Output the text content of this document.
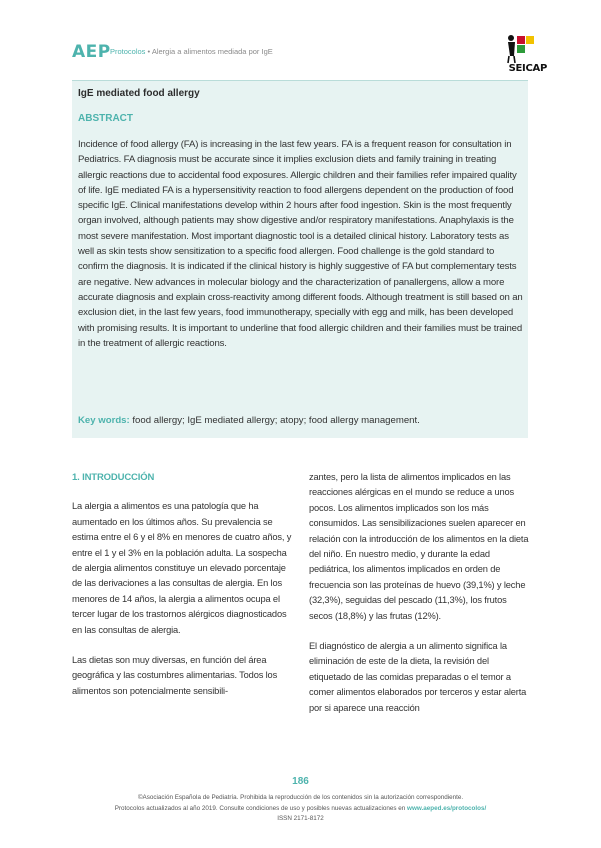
AEP Protocolos • Alergia a alimentos mediada por IgE
SEICAP
IgE mediated food allergy
ABSTRACT
Incidence of food allergy (FA) is increasing in the last few years. FA is a frequent reason for consultation in Pediatrics. FA diagnosis must be accurate since it implies exclusion diets and family training in treating allergic reactions due to accidental food exposures. Allergic children and their families refer impaired quality of life. IgE mediated FA is a hypersensitivity reaction to food allergens dependent on the production of food specific IgE. Clinical manifestations develop within 2 hours after food ingestion. Skin is the most frequently organ involved, although patients may show digestive and/or respiratory manifestations. Anaphylaxis is the most severe manifestation. Most important diagnostic tool is a detailed clinical history. Laboratory tests as well as skin tests show sensitization to a specific food allergen. Food challenge is the gold standard to confirm the diagnosis. It is indicated if the clinical history is highly suggestive of FA but complementary tests are negative. New advances in molecular biology and the characterization of panallergens, allow a more accurate diagnosis and explain cross-reactivity among different foods. Although treatment is still based on an exclusion diet, in the last few years, food immunotherapy, specially with egg and milk, has been developed with promising results. It is important to underline that food allergic children and their families must be trained in the treatment of allergic reactions.
Key words: food allergy; IgE mediated allergy; atopy; food allergy management.
1. INTRODUCCIÓN

La alergia a alimentos es una patología que ha aumentado en los últimos años. Su prevalencia se estima entre el 6 y el 8% en menores de cuatro años, y entre el 1 y el 3% en la población adulta. La sospecha de alergia alimentos constituye un elevado porcentaje de las derivaciones a las consultas de alergia. En los menores de 14 años, la alergia a alimentos ocupa el tercer lugar de los trastornos alérgicos diagnosticados en las consultas de alergia.

Las dietas son muy diversas, en función del área geográfica y las costumbres alimentarias. Todos los alimentos son potencialmente sensibili-

zantes, pero la lista de alimentos implicados en las reacciones alérgicas en el mundo se reduce a unos pocos. Los alimentos implicados son los más consumidos. Las sensibilizaciones suelen aparecer en relación con la introducción de los alimentos en la dieta del niño. En nuestro medio, y durante la edad pediátrica, los alimentos implicados en orden de frecuencia son las proteínas de huevo (39,1%) y leche (32,3%), seguidas del pescado (11,3%), los frutos secos (18,8%) y las frutas (12%).

El diagnóstico de alergia a un alimento significa la eliminación de este de la dieta, la revisión del etiquetado de las comidas preparadas o el temor a comer alimentos elaborados por terceros y estar alerta por si aparece una reacción

186
©Asociación Española de Pediatría. Prohibida la reproducción de los contenidos sin la autorización correspondiente.
Protocolos actualizados al año 2019. Consulte condiciones de uso y posibles nuevas actualizaciones en www.aeped.es/protocolos/
ISSN 2171-8172
